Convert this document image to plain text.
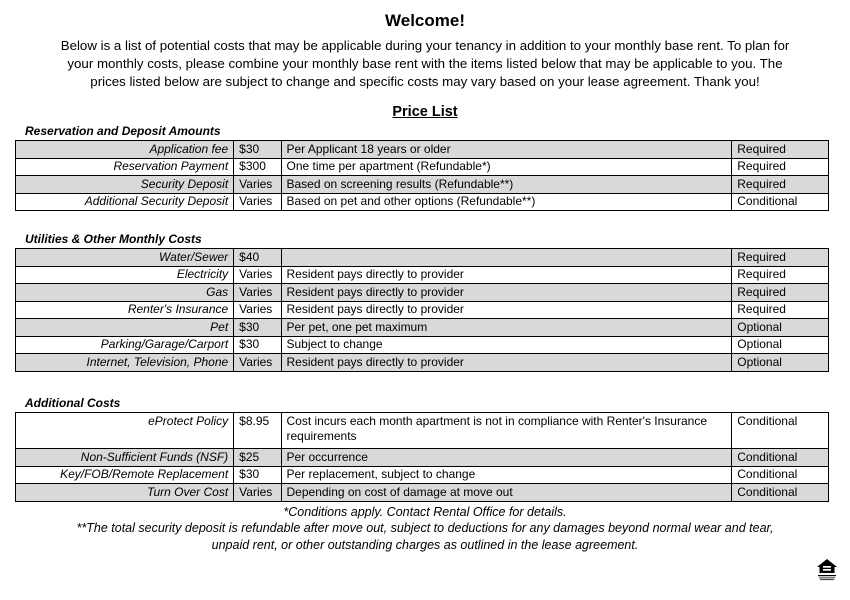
Welcome!
Below is a list of potential costs that may be applicable during your tenancy in addition to your monthly base rent. To plan for
your monthly costs, please combine your monthly base rent with the items listed below that may be applicable to you. The
prices listed below are subject to change and specific costs may vary based on your lease agreement. Thank you!
Price List
Reservation and Deposit Amounts
Application fee	$30	Per Applicant 18 years or older	Required
Reservation Payment	$300	One time per apartment (Refundable*)	Required
Security Deposit	Varies	Based on screening results (Refundable**)	Required
Additional Security Deposit	Varies	Based on pet and other options (Refundable**)	Conditional
Utilities & Other Monthly Costs
Water/Sewer	$40		Required
Electricity	Varies	Resident pays directly to provider	Required
Gas	Varies	Resident pays directly to provider	Required
Renter's Insurance	Varies	Resident pays directly to provider	Required
Pet	$30	Per pet, one pet maximum	Optional
Parking/Garage/Carport	$30	Subject to change	Optional
Internet, Television, Phone	Varies	Resident pays directly to provider	Optional
Additional Costs
eProtect Policy	$8.95	Cost incurs each month apartment is not in compliance with Renter's Insurance requirements	Conditional
Non-Sufficient Funds (NSF)	$25	Per occurrence	Conditional
Key/FOB/Remote Replacement	$30	Per replacement, subject to change	Conditional
Turn Over Cost	Varies	Depending on cost of damage at move out	Conditional
*Conditions apply. Contact Rental Office for details.
**The total security deposit is refundable after move out, subject to deductions for any damages beyond normal wear and tear,
unpaid rent, or other outstanding charges as outlined in the lease agreement.
